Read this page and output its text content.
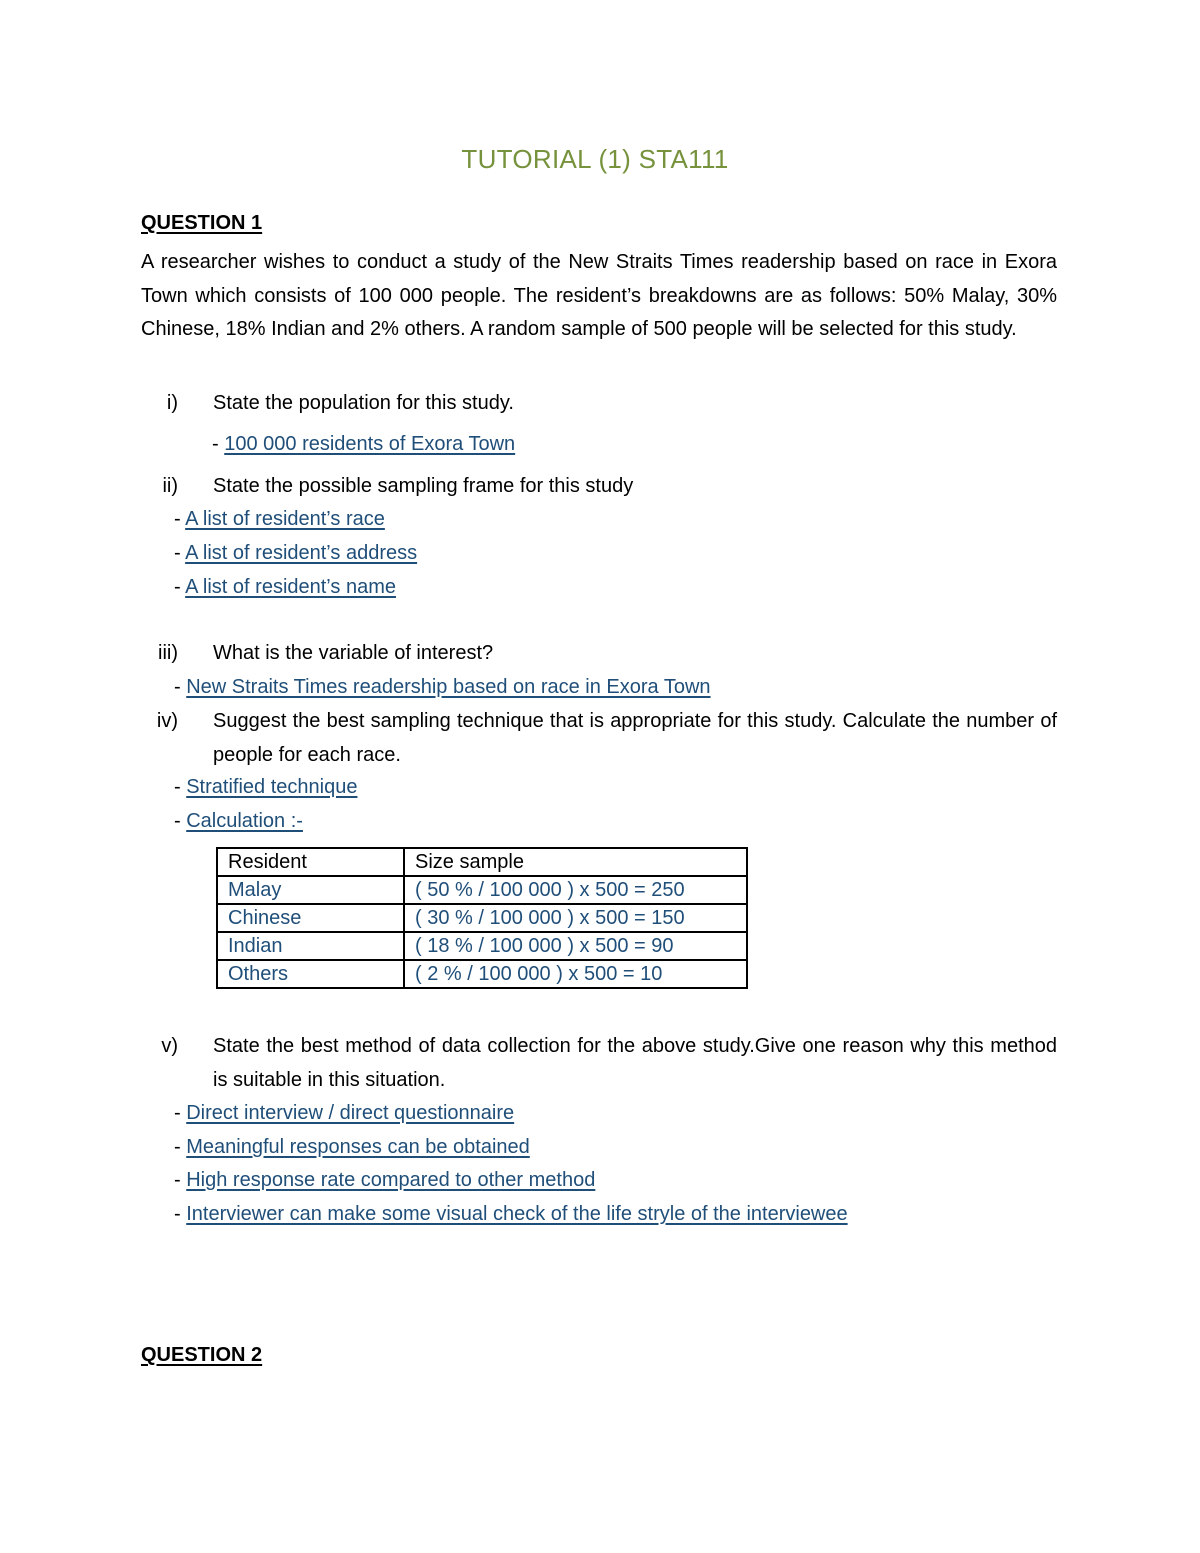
TUTORIAL (1) STA111
QUESTION 1
A researcher wishes to conduct a study of the New Straits Times readership based on race in Exora Town which consists of 100 000 people. The resident’s breakdowns are as follows: 50% Malay, 30% Chinese, 18% Indian and 2% others. A random sample of 500 people will be selected for this study.
i) State the population for this study.
- 100 000 residents of Exora Town
ii) State the possible sampling frame for this study
- A list of resident’s race
- A list of resident’s address
- A list of resident’s name
iii) What is the variable of interest?
- New Straits Times readership based on race in Exora Town
iv) Suggest the best sampling technique that is appropriate for this study. Calculate the number of people for each race.
- Stratified technique
- Calculation :-
Resident	Size sample
Malay	( 50 % / 100 000 ) x 500 = 250
Chinese	( 30 % / 100 000 ) x 500 = 150
Indian	( 18 % / 100 000 ) x 500 = 90
Others	( 2 % / 100 000 ) x 500 = 10
v) State the best method of data collection for the above study.Give one reason why this method is suitable in this situation.
- Direct interview / direct questionnaire
- Meaningful responses can be obtained
- High response rate compared to other method
- Interviewer can make some visual check of the life stryle of the interviewee
QUESTION 2
